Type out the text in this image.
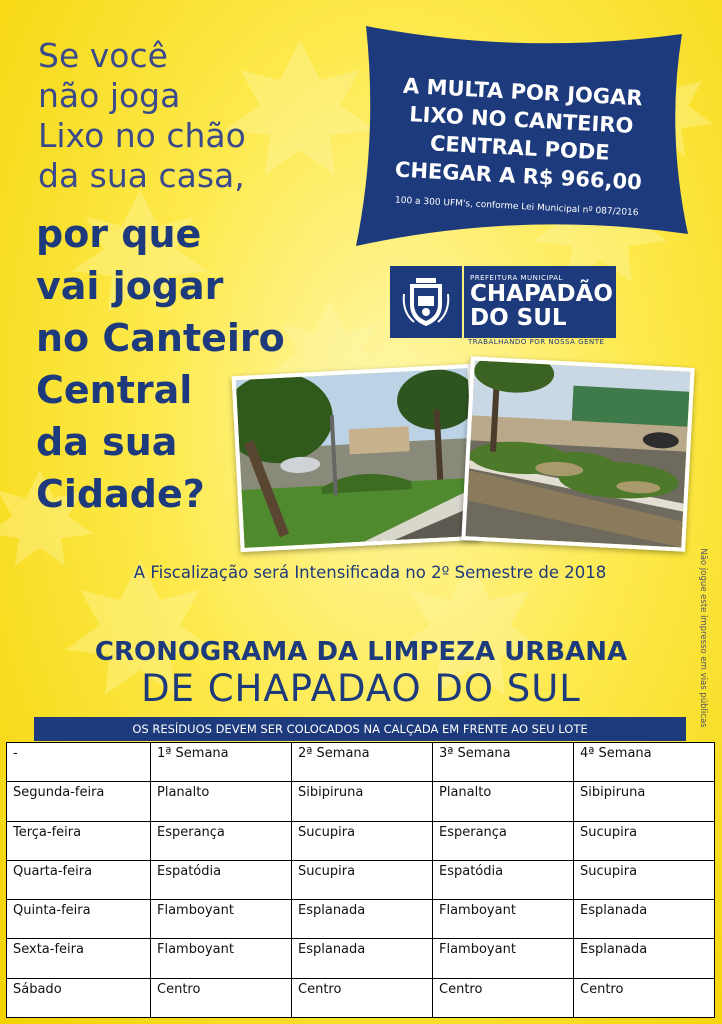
Se você
não joga
Lixo no chão
da sua casa,
por que
vai jogar
no Canteiro
Central
da sua
Cidade?
A MULTA POR JOGAR
LIXO NO CANTEIRO
CENTRAL PODE
CHEGAR A R$ 966,00
100 a 300 UFM's, conforme Lei Municipal nº 087/2016
PREFEITURA MUNICIPAL
CHAPADÃO
DO SUL
TRABALHANDO POR NOSSA GENTE
A Fiscalização será Intensificada no 2º Semestre de 2018	Não jogue este impresso em vias públicas
CRONOGRAMA DA LIMPEZA URBANA
DE CHAPADAO DO SUL
OS RESÍDUOS DEVEM SER COLOCADOS NA CALÇADA EM FRENTE AO SEU LOTE
-	1ª Semana	2ª Semana	3ª Semana	4ª Semana
Segunda-feira	Planalto	Sibipiruna	Planalto	Sibipiruna
Terça-feira	Esperança	Sucupira	Esperança	Sucupira
Quarta-feira	Espatódia	Sucupira	Espatódia	Sucupira
Quinta-feira	Flamboyant	Esplanada	Flamboyant	Esplanada
Sexta-feira	Flamboyant	Esplanada	Flamboyant	Esplanada
Sábado	Centro	Centro	Centro	Centro
